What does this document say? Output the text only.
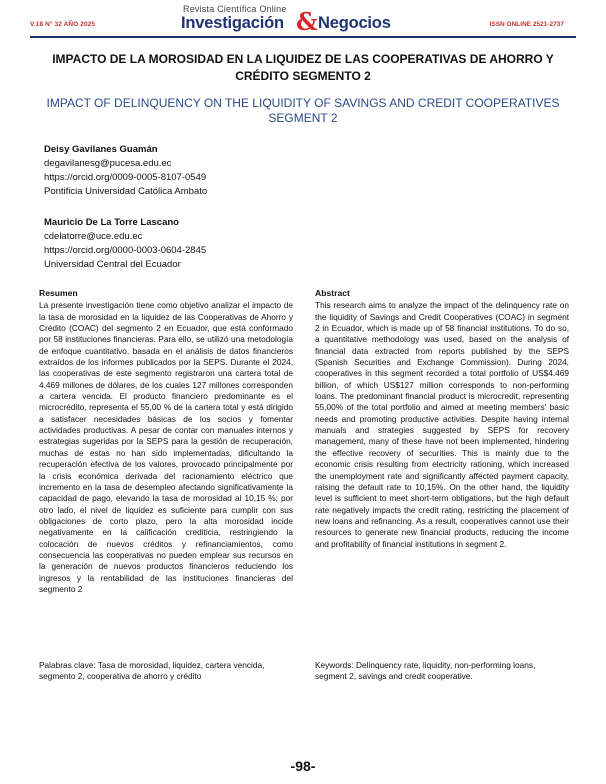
V.18 N° 32 AÑO 2025
Revista Científica Online
Investigación & Negocios	ISSN ONLINE 2521-2737
IMPACTO DE LA MOROSIDAD EN LA LIQUIDEZ DE LAS COOPERATIVAS DE AHORRO Y CRÉDITO SEGMENTO 2
IMPACT OF DELINQUENCY ON THE LIQUIDITY OF SAVINGS AND CREDIT COOPERATIVES SEGMENT 2
Deisy Gavilanes Guamán
degavilanesg@pucesa.edu.ec
https://orcid.org/0009-0005-8107-0549
Pontificia Universidad Católica Ambato
Mauricio De La Torre Lascano
cdelatorre@uce.edu.ec
https://orcid.org/0000-0003-0604-2845
Universidad Central del Ecuador
Resumen

La presente investigación tiene como objetivo analizar el impacto de la tasa de morosidad en la liquidez de las Cooperativas de Ahorro y Crédito (COAC) del segmento 2 en Ecuador, que está conformado por 58 instituciones financieras. Para ello, se utilizó una metodología de enfoque cuantitativo, basada en el análisis de datos financieros extraídos de los informes publicados por la SEPS. Durante el 2024, las cooperativas de este segmento registraron una cartera total de 4.469 millones de dólares, de los cuales 127 millones corresponden a cartera vencida. El producto financiero predominante es el microcrédito, representa el 55,00 % de la cartera total y está dirigido a satisfacer necesidades básicas de los socios y fomentar actividades productivas. A pesar de contar con manuales internos y estrategias sugeridas por la SEPS para la gestión de recuperación, muchas de estas no han sido implementadas, dificultando la recuperación efectiva de los valores, provocado principalmente por la crisis económica derivada del racionamiento eléctrico que incremento en la tasa de desempleo afectando significativamente la capacidad de pago, elevando la tasa de morosidad al 10,15 %; por otro lado, el nivel de liquidez es suficiente para cumplir con sus obligaciones de corto plazo, pero la alta morosidad incide negativamente en la calificación crediticia, restringiendo la colocación de nuevos créditos y refinanciamientos, como consecuencia las cooperativas no pueden emplear sus recursos en la generación de nuevos productos financieros reduciendo los ingresos y la rentabilidad de las instituciones financieras del segmento 2

Abstract

This research aims to analyze the impact of the delinquency rate on the liquidity of Savings and Credit Cooperatives (COAC) in segment 2 in Ecuador, which is made up of 58 financial institutions. To do so, a quantitative methodology was used, based on the analysis of financial data extracted from reports published by the SEPS (Spanish Securities and Exchange Commission). During 2024, cooperatives in this segment recorded a total portfolio of US$4.469 billion, of which US$127 million corresponds to non-performing loans. The predominant financial product is microcredit, representing 55,00% of the total portfolio and aimed at meeting members' basic needs and promoting productive activities. Despite having internal manuals and strategies suggested by SEPS for recovery management, many of these have not been implemented, hindering the effective recovery of securities. This is mainly due to the economic crisis resulting from electricity rationing, which increased the unemployment rate and significantly affected payment capacity, raising the default rate to 10,15%. On the other hand, the liquidity level is sufficient to meet short-term obligations, but the high default rate negatively impacts the credit rating, restricting the placement of new loans and refinancing. As a result, cooperatives cannot use their resources to generate new financial products, reducing the income and profitability of financial institutions in segment 2.

Palabras clave: Tasa de morosidad, liquidez, cartera vencida, segmento 2, cooperativa de ahorro y crédito
Keywords: Delinquency rate, liquidity, non-performing loans, segment 2, savings and credit cooperative.
-98-
